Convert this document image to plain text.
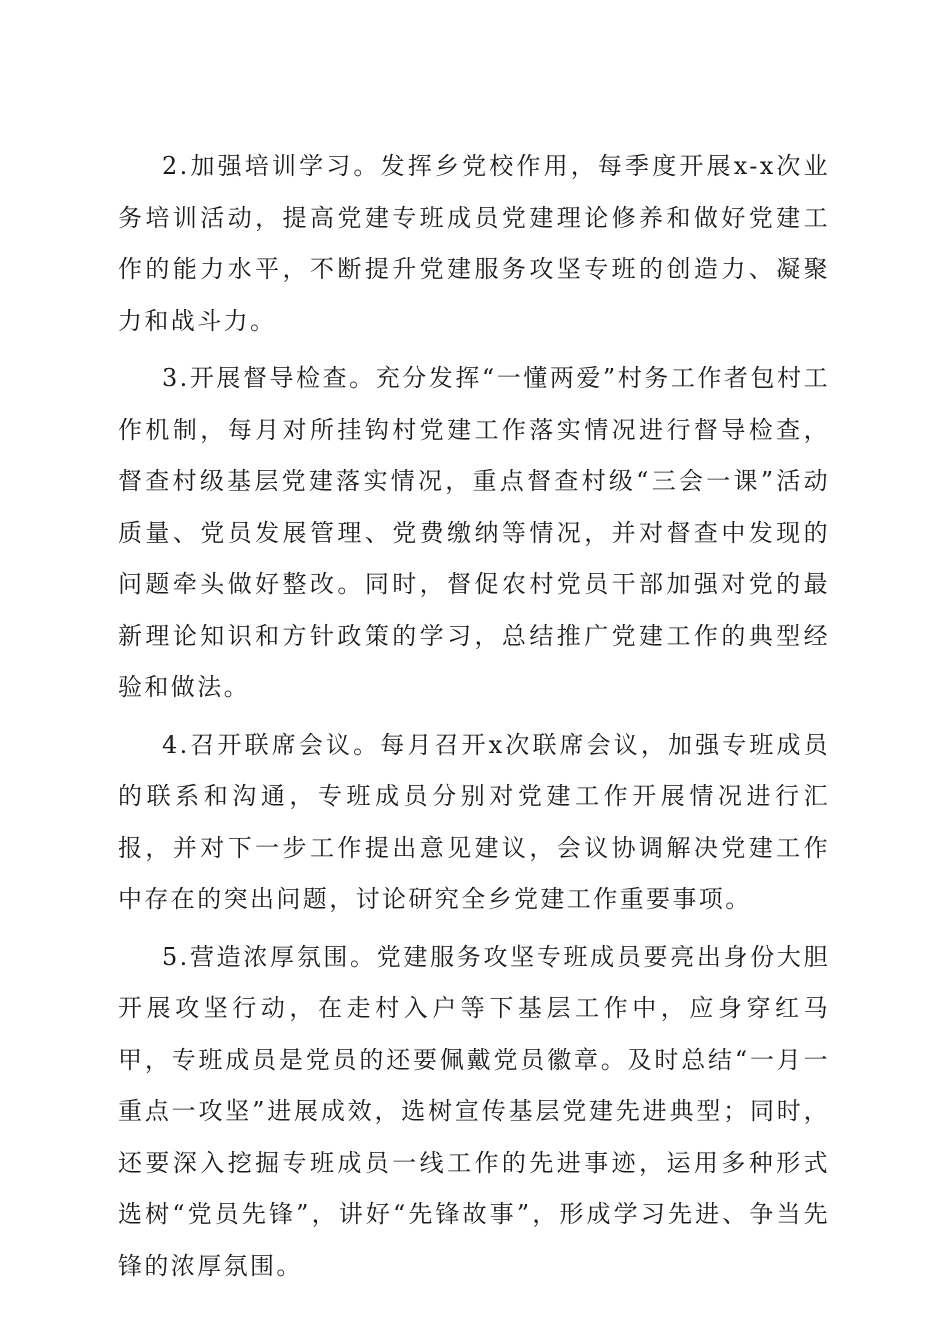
2.加强培训学习。发挥乡党校作用，每季度开展x-x次业务培训活动，提高党建专班成员党建理论修养和做好党建工作的能力水平，不断提升党建服务攻坚专班的创造力、凝聚力和战斗力。

3.开展督导检查。充分发挥“一懂两爱”村务工作者包村工作机制，每月对所挂钩村党建工作落实情况进行督导检查，督查村级基层党建落实情况，重点督查村级“三会一课”活动质量、党员发展管理、党费缴纳等情况，并对督查中发现的问题牵头做好整改。同时，督促农村党员干部加强对党的最新理论知识和方针政策的学习，总结推广党建工作的典型经验和做法。

4.召开联席会议。每月召开x次联席会议，加强专班成员的联系和沟通，专班成员分别对党建工作开展情况进行汇报，并对下一步工作提出意见建议，会议协调解决党建工作中存在的突出问题，讨论研究全乡党建工作重要事项。

5.营造浓厚氛围。党建服务攻坚专班成员要亮出身份大胆开展攻坚行动，在走村入户等下基层工作中，应身穿红马甲，专班成员是党员的还要佩戴党员徽章。及时总结“一月一重点一攻坚”进展成效，选树宣传基层党建先进典型；同时，还要深入挖掘专班成员一线工作的先进事迹，运用多种形式选树“党员先锋”，讲好“先锋故事”，形成学习先进、争当先锋的浓厚氛围。
